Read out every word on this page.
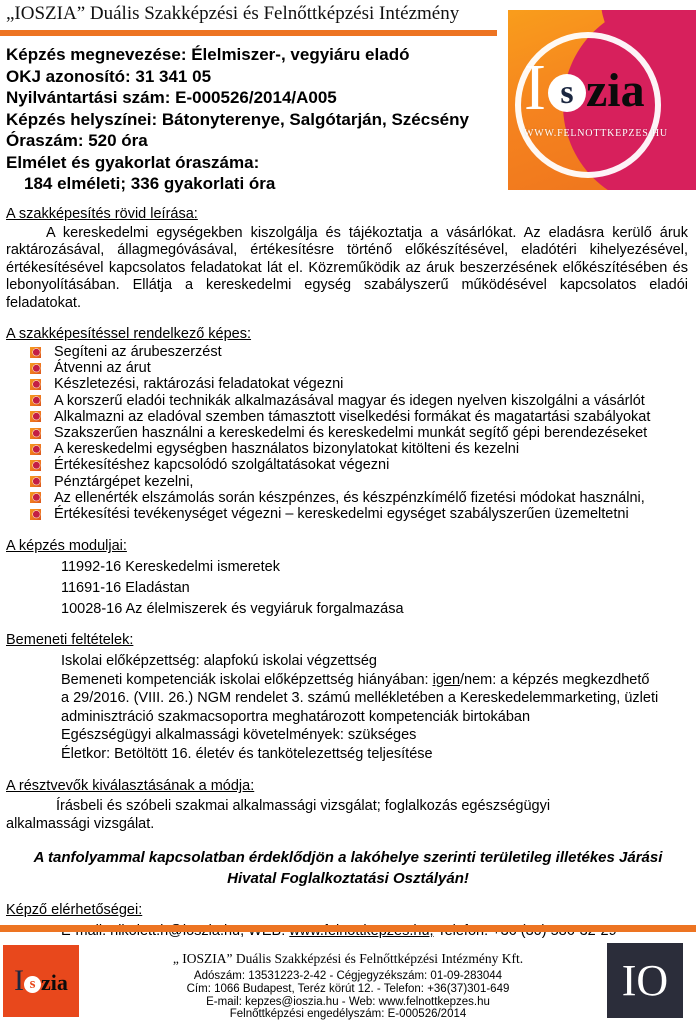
„IOSZIA” Duális Szakképzési és Felnőttképzési Intézmény
Képzés megnevezése: Élelmiszer-, vegyiáru eladó
OKJ azonosító: 31 341 05
Nyilvántartási szám: E-000526/2014/A005
Képzés helyszínei: Bátonyterenye, Salgótarján, Szécsény
Óraszám: 520 óra
Elmélet és gyakorlat óraszáma:
184 elméleti; 336 gyakorlati óra
I s zia
WWW.FELNOTTKEPZES.HU
A szakképesítés rövid leírása:
A kereskedelmi egységekben kiszolgálja és tájékoztatja a vásárlókat. Az eladásra kerülő áruk raktározásával, állagmegóvásával, értékesítésre történő előkészítésével, eladótéri kihelyezésével, értékesítésével kapcsolatos feladatokat lát el. Közreműködik az áruk beszerzésének előkészítésében és lebonyolításában. Ellátja a kereskedelmi egység szabályszerű működésével kapcsolatos eladói feladatokat.
A szakképesítéssel rendelkező képes:
Segíteni az árubeszerzést
Átvenni az árut
Készletezési, raktározási feladatokat végezni
A korszerű eladói technikák alkalmazásával magyar és idegen nyelven kiszolgálni a vásárlót
Alkalmazni az eladóval szemben támasztott viselkedési formákat és magatartási szabályokat
Szakszerűen használni a kereskedelmi és kereskedelmi munkát segítő gépi berendezéseket
A kereskedelmi egységben használatos bizonylatokat kitölteni és kezelni
Értékesítéshez kapcsolódó szolgáltatásokat végezni
Pénztárgépet kezelni,
Az ellenérték elszámolás során készpénzes, és készpénzkímélő fizetési módokat használni,
Értékesítési tevékenységet végezni – kereskedelmi egységet szabályszerűen üzemeltetni
A képzés moduljai:
11992-16 Kereskedelmi ismeretek
11691-16 Eladástan
10028-16 Az élelmiszerek és vegyiáruk forgalmazása
Bemeneti feltételek:
Iskolai előképzettség: alapfokú iskolai végzettség
Bemeneti kompetenciák iskolai előképzettség hiányában: igen/nem: a képzés megkezdhető a 29/2016. (VIII. 26.) NGM rendelet 3. számú mellékletében a Kereskedelemmarketing, üzleti adminisztráció szakmacsoportra meghatározott kompetenciák birtokában
Egészségügyi alkalmassági követelmények: szükséges
Életkor: Betöltött 16. életév és tankötelezettség teljesítése
A résztvevők kiválasztásának a módja:
Írásbeli és szóbeli szakmai alkalmassági vizsgálat; foglalkozás egészségügyi alkalmassági vizsgálat.
A tanfolyammal kapcsolatban érdeklődjön a lakóhelye szerinti területileg illetékes Járási Hivatal Foglalkoztatási Osztályán!
Képző elérhetőségei:
I s zia
„ IOSZIA” Duális Szakképzési és Felnőttképzési Intézmény Kft.
Adószám: 13531223-2-42 - Cégjegyzékszám: 01-09-283044
Cím: 1066 Budapest, Teréz körút 12. - Telefon: +36(37)301-649
E-mail: kepzes@ioszia.hu - Web: www.felnottkepzes.hu
Felnőttképzési engedélyszám: E-000526/2014
IO
